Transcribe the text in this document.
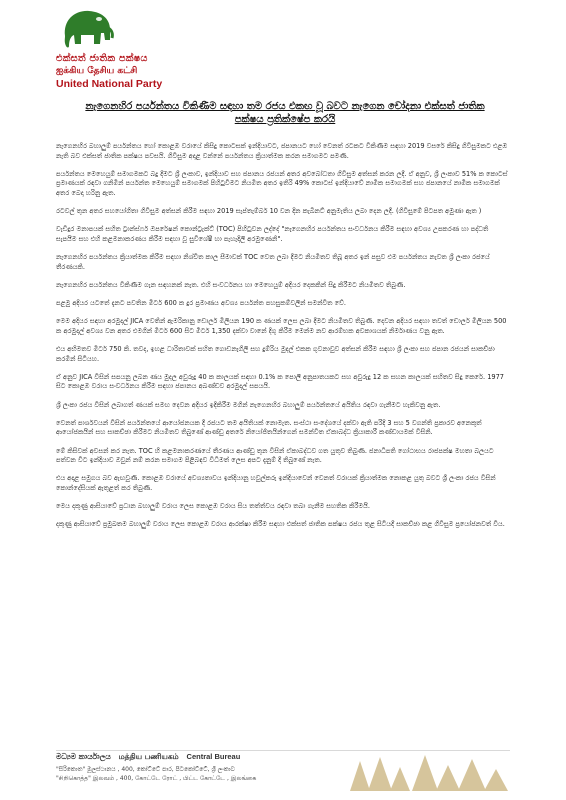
එක්සත් ජාතික පක්ෂය
ஐக்கிய தேசிய கட்சி
United National Party
නැගෙනහිර පර්යන්තය විකිණීම සඳහා තම රජය එකඟ වූ බවට නැගෙන චෝදනා එක්සත් ජාතික පක්ෂය ප්‍රතික්ෂේප කරයි

නැගෙනහිර බහාලුම් පර්යන්තය හෝ කොළඹ වරායේ කිසිදු කොටසක් ඉන්දියාවට, ජපානයට හෝ වෙනත් රටකට විකිණීම සඳහා 2019 වසරේ කිසිදු ගිවිසුමකට එළඹ නැති බව එක්සත් ජාතික පක්ෂය පවසයි. ගිවිසුම අදාළ වන්නේ පර්යන්තය ක්‍රියාත්මක කරන සමාගමට පමණි.

පර්යන්තය මෙහෙයුම් සමාගමකට බදු දීමට ශ්‍රී ලංකාව, ඉන්දියාව සහ ජපානය රජයන් අතර අවබෝධතා ගිවිසුම අත්සන් කරන ලදී. ඒ අනුව, ශ්‍රී ලංකාව 51% ක කොටස් ප්‍රමාණයක් රඳවා ගනිමින් පර්යන්ත මෙහෙයුම් සමාගමක් පිහිටුවීමට නියමිත අතර ඉතිරි 49% කොටස් ඉන්දියාවේ නාමික සමාගමක් සහ ජපානයේ නාමික සමාගමක් අතර බෙදා හරිනු ඇත.

රටවල් තුන අතර සහයෝගිතා ගිවිසුම අත්සන් කිරීම සඳහා 2019 සැප්තැම්බර් 10 වන දින කැබිනට් අනුමැතිය ලබා දෙන ලදී. (ගිවිසුමේ පිටපත අමුණා ඇත )

වැඩිදුර මනාපයක් සහිත ට්‍රාන්ස්ෆර් ඔපරේෂන් කොන්ට්‍රැක්ට් (TOC) පිහිටුවන ලද්දේ "නැගෙනහිර පර්යන්තය සංවර්ධනය කිරීම සඳහා අවශ්‍ය උපකරණ හා පද්ධති සැපයීම සහ එහි කළමනාකරණය කිරීම සඳහා වූ සුවිශේෂී හා පැහැදිලි අරමුණෙනි".

නැගෙනහිර පර්යන්තය ක්‍රියාත්මක කිරීම සඳහා නිශ්චිත කාල සීමාවක් TOC වෙත ලබා දීමට නියමිතව තිබූ අතර ඉන් පසුව එම පර්යන්තය නැවත ශ්‍රී ලංකා රජයේ තීරණයකි.

නැගෙනහිර පර්යන්තය විකිණීම ගැන සඳහනක් නැත. එහි සංවර්ධනය හා මෙහෙයුම් අදියර දෙකකින් සිදු කිරීමට නියමිතව තිබුණි.

පළමු අදියර යටතේ දැනට පවතින මීටර් 600 ක දුර ප්‍රමාණය අවශ්‍ය පර්යන්ත පහසුකම්වලින් සමන්විත වේ.

මෙම අදියර සඳහා අරමුදල් JICA වෙතින් ඇමරිකානු ඩොලර් මිලියන 190 ක ණයක් ලෙස ලබා දීමට නියමිතව තිබුණි. දෙවන අදියර සඳහා තවත් ඩොලර් මිලියන 500 ක අරමුදල් අවශ්‍ය වන අතර එමගින් මීටර් 600 සිට මීටර් 1,350 දක්වා වානේ දිගු කිරීම මෙන්ම නව ආරම්භක අවකාශයක් නිර්මාණය වනු ඇත.

එය අභිමතව මීටර් 750 කි. තවද, ඉහළ ධාරිතාවක් සහිත ගොඩනැගිලි සහ දුම්රිය මුදල් එකක ගුවනාවුව අත්සන් කිරීම සඳහා ශ්‍රී ලංකා සහ ජපාන රජයන් සාකච්ඡා කරමින් සිටියහ.

ඒ අනුව JICA විසින් සපයනු ලබන ණය මුදල අවුරුදු 40 ක කාලයක් සඳහා 0.1% ක පොලී අනුපාතයකට සහ අවුරුදු 12 ක සහන කාලයක් සහිතව සිදු කෙරේ. 1977 සිට කොළඹ වරාය සංවර්ධනය කිරීම සඳහා ජපානය අඛණ්ඩව අරමුදල් සපයයි.

ශ්‍රී ලංකා රජය විසින් ලබාගත් ණයක් සමඟ දෙවන අදියර ඉදිකිරීම මගින් නැගෙනහිර බහාලුම් පර්යන්තයේ අයිතිය රඳවා ගැනීමට හැකිවනු ඇත.

වෙනත් පාර්ශවයන් විසින් පර්යන්තයේ ආයෝජනයක දී රජයට තම අයිතියක් නොමැත. සංස්ථා සංදේශයේ දක්වා ඇති පරිදි 3 සහ 5 වගන්ති ප්‍රකාරව අනෙකුත් ආයෝජකයින් සහ සාකච්ඡා කිරීමට නියමිතව තිබුණේ ආණ්ඩු අතරේ නියෝජිතයින්ගෙන් සමන්විත ඒකාබද්ධ ක්‍රියාකාරී කණ්ඩායමක් විසිනි.

මේ කිසිවක් අවසන් කර නැත. TOC හි කළමනාකරණයේ තීරණය ආණ්ඩු තුන විසින් ඒකාබද්ධව ගත යුතුව තිබුණි. ජනාධිපති ගෝඨාභය රාජපක්ෂ මහතා බලයට පත්වන විට ඉන්දියාව ඔවුන් නම් කරන සමාගම පිළිබඳව විධිමත් ලෙස අපට දැනුම් දී තිබුණේ නැත.

එය අදාළ සමුගය බව ඇඟවුණි. කොළඹ වරායේ අවශ්‍යතාවය ඉන්දියානු හවුල්කරු ඉන්දියාවෙන් වෙනත් වරායක් ක්‍රියාත්මක නොකළ යුතු බවට ශ්‍රී ලංකා රජය විසින් කොන්දේසියක් ඇතුළත් කර තිබුණි.

මෙය දකුණු ආසියාවේ ප්‍රධාන බහාලුම් වරාය ලෙස කොළඹ වරාය සිය තත්ත්වය රඳවා තබා ගැනීම සහතික කිරීමයි.

දකුණු ආසියාවේ ප්‍රමුඛතම බහාලුම් වරාය ලෙස කොළඹ වරාය ආරක්ෂා කිරීම සඳහා එක්සත් ජාතික පක්ෂය රජය තුළ සිටියදී සාකච්ඡා කළ ගිවිසුම ප්‍රයෝජනවත් විය.

මධ්‍යම කාර්යාලය மத்திய பணியகம் Central Bureau
"සිරිකොත" මූලස්ථානය , 400, කෝට්ටේ පාර, පිටකෝට්ටේ, ශ්‍රී ලංකාව
"சிறிகொத்த" இலவம் , 400, கோட்டே ரோட் , பிட்ட கோட்டே , இலங்கை
